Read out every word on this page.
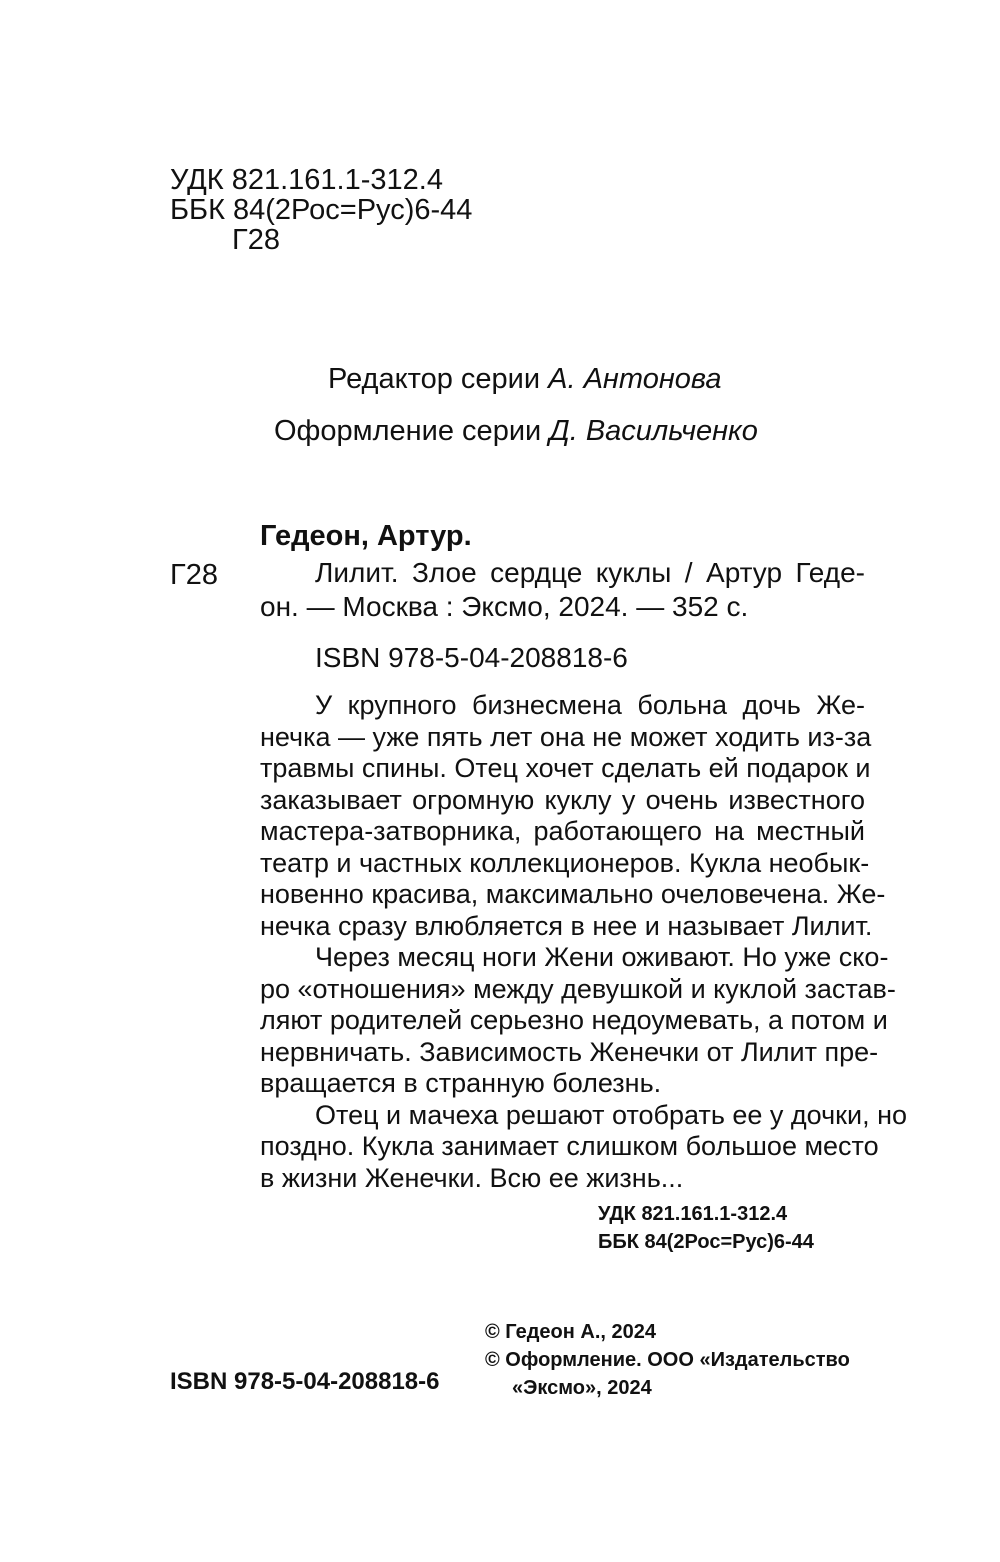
УДК 821.161.1-312.4
ББК 84(2Рос=Рус)6-44
Г28
Редактор серии А. Антонова
Оформление серии Д. Васильченко
Гедеон, Артур.
Г28	Лилит. Злое сердце куклы / Артур Геде-
он. — Москва : Эксмо, 2024. — 352 с.
ISBN 978-5-04-208818-6
У крупного бизнесмена больна дочь Же-
нечка — уже пять лет она не может ходить из-за
травмы спины. Отец хочет сделать ей подарок и
заказывает огромную куклу у очень известного
мастера-затворника, работающего на местный
театр и частных коллекционеров. Кукла необык-
новенно красива, максимально очеловечена. Же-
нечка сразу влюбляется в нее и называет Лилит.
Через месяц ноги Жени оживают. Но уже ско-
ро «отношения» между девушкой и куклой застав-
ляют родителей серьезно недоумевать, а потом и
нервничать. Зависимость Женечки от Лилит пре-
вращается в странную болезнь.
Отец и мачеха решают отобрать ее у дочки, но
поздно. Кукла занимает слишком большое место
в жизни Женечки. Всю ее жизнь...
УДК 821.161.1-312.4
ББК 84(2Рос=Рус)6-44
© Гедеон А., 2024
© Оформление. ООО «Издательство
«Эксмо», 2024
ISBN 978-5-04-208818-6
